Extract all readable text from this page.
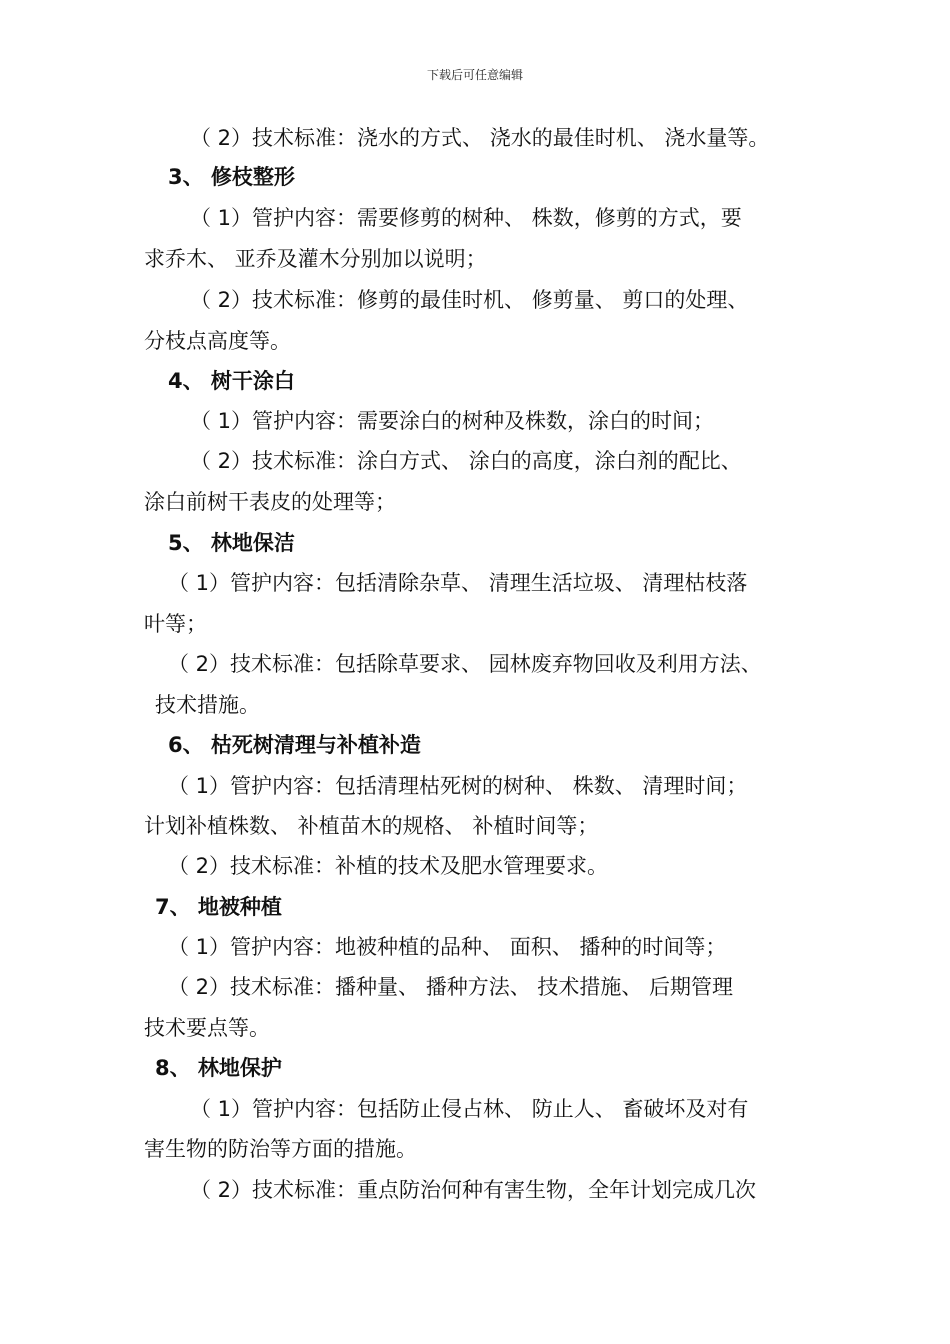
下载后可任意编辑
（ 2）技术标准：浇水的方式、 浇水的最佳时机、 浇水量等。
3、 修枝整形
（ 1）管护内容：需要修剪的树种、 株数，修剪的方式，要
求乔木、 亚乔及灌木分别加以说明；
（ 2）技术标准：修剪的最佳时机、 修剪量、 剪口的处理、
分枝点高度等。
4、 树干涂白
（ 1）管护内容：需要涂白的树种及株数，涂白的时间；
（ 2）技术标准：涂白方式、 涂白的高度，涂白剂的配比、
涂白前树干表皮的处理等；
5、 林地保洁
（ 1）管护内容：包括清除杂草、 清理生活垃圾、 清理枯枝落
叶等；
（ 2）技术标准：包括除草要求、 园林废弃物回收及利用方法、
技术措施。
6、 枯死树清理与补植补造
（ 1）管护内容：包括清理枯死树的树种、 株数、 清理时间；
计划补植株数、 补植苗木的规格、 补植时间等；
（ 2）技术标准：补植的技术及肥水管理要求。
7、 地被种植
（ 1）管护内容：地被种植的品种、 面积、 播种的时间等；
（ 2）技术标准：播种量、 播种方法、 技术措施、 后期管理
技术要点等。
8、 林地保护
（ 1）管护内容：包括防止侵占林、 防止人、 畜破坏及对有
害生物的防治等方面的措施。
（ 2）技术标准：重点防治何种有害生物，全年计划完成几次
